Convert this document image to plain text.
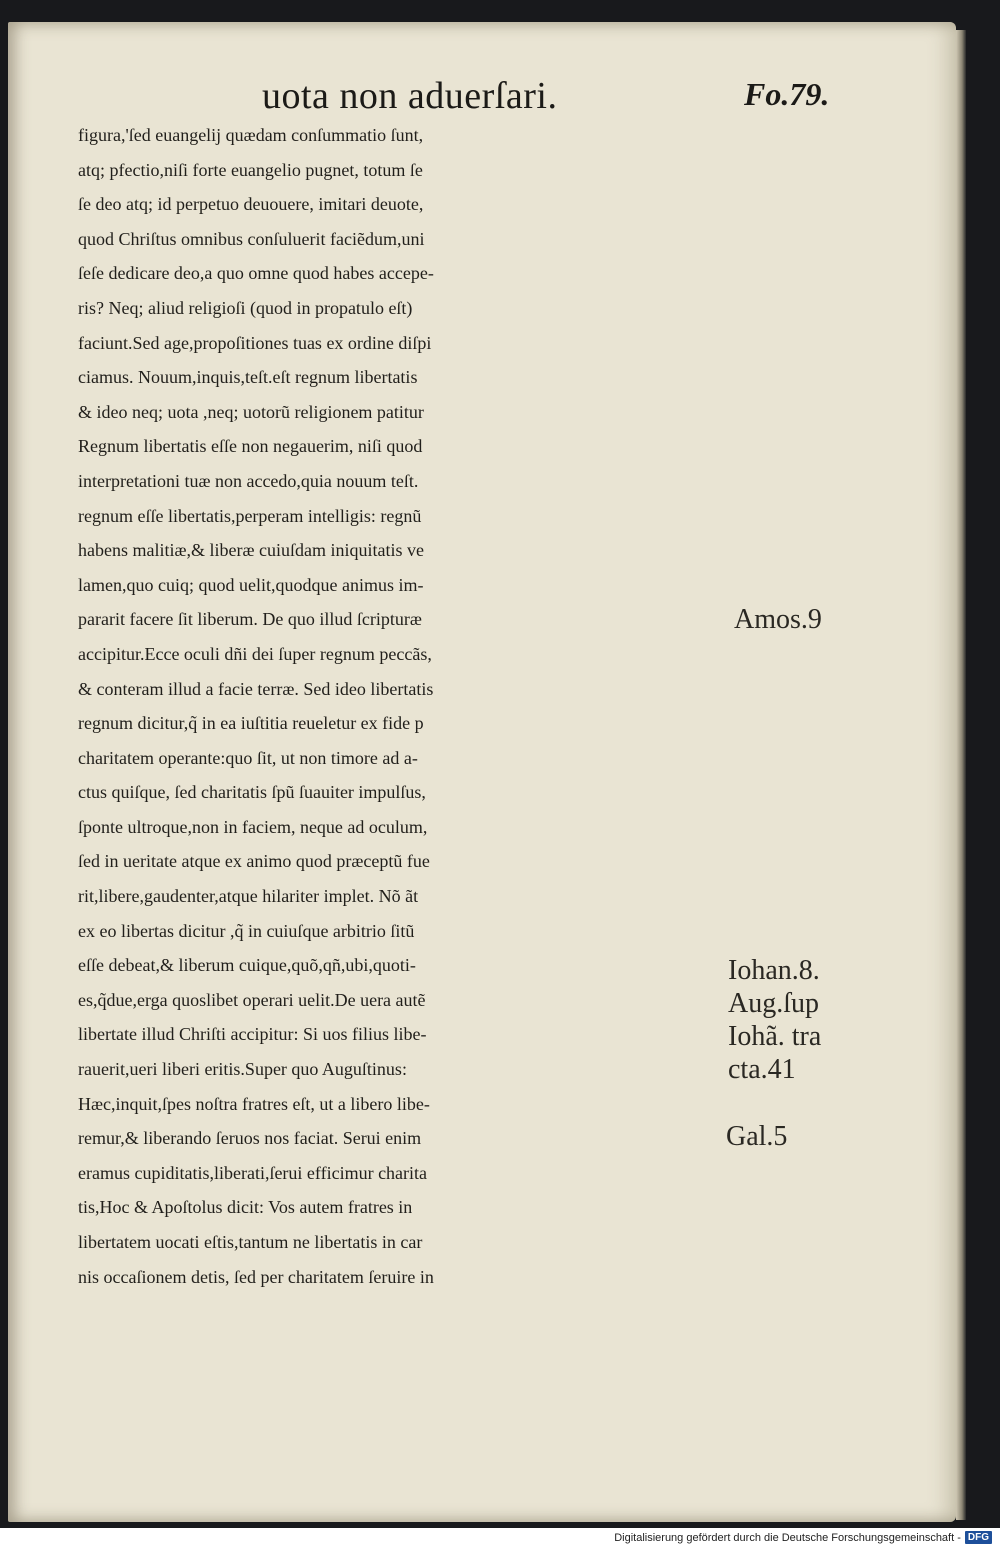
uota non aduerſari.	Fo.79.
figura,'ſed euangelij quædam conſummatio ſunt,
atq; pfectio,niſi forte euangelio pugnet, totum ſe
ſe deo atq; id perpetuo deuouere, imitari deuote,
quod Chriſtus omnibus conſuluerit faciẽdum,uni
ſeſe dedicare deo,a quo omne quod habes accepe-
ris? Neq; aliud religioſi (quod in propatulo eſt)
faciunt.Sed age,propoſitiones tuas ex ordine diſpi
ciamus. Nouum,inquis,teſt.eſt regnum libertatis
& ideo neq; uota ,neq; uotorũ religionem patitur
Regnum libertatis eſſe non negauerim, niſi quod
interpretationi tuæ non accedo,quia nouum teſt.
regnum eſſe libertatis,perperam intelligis: regnũ
habens malitiæ,& liberæ cuiuſdam iniquitatis ve
lamen,quo cuiq; quod uelit,quodque animus im-
pararit facere ſit liberum. De quo illud ſcripturæ
accipitur.Ecce oculi dñi dei ſuper regnum peccãs,
& conteram illud a facie terræ. Sed ideo libertatis
regnum dicitur,q̃ in ea iuſtitia reueletur ex fide p
charitatem operante:quo ſit, ut non timore ad a-
ctus quiſque, ſed charitatis ſpũ ſuauiter impulſus,
ſponte ultroque,non in faciem, neque ad oculum,
ſed in ueritate atque ex animo quod præceptũ fue
rit,libere,gaudenter,atque hilariter implet. Nõ ãt
ex eo libertas dicitur ,q̃ in cuiuſque arbitrio ſitũ
eſſe debeat,& liberum cuique,quõ,qñ,ubi,quoti-
es,q̃due,erga quoslibet operari uelit.De uera autẽ
libertate illud Chriſti accipitur: Si uos filius libe-
rauerit,ueri liberi eritis.Super quo Auguſtinus:
Hæc,inquit,ſpes noſtra fratres eſt, ut a libero libe-
remur,& liberando ſeruos nos faciat. Serui enim
eramus cupiditatis,liberati,ſerui efficimur charita
tis,Hoc & Apoſtolus dicit: Vos autem fratres in
libertatem uocati eſtis,tantum ne libertatis in car
nis occaſionem detis, ſed per charitatem ſeruire in
Amos.9
Iohan.8.
Aug.ſup
Iohã. tra
cta.41
Gal.5
Digitalisierung gefördert durch die Deutsche Forschungsgemeinschaft - DFG
